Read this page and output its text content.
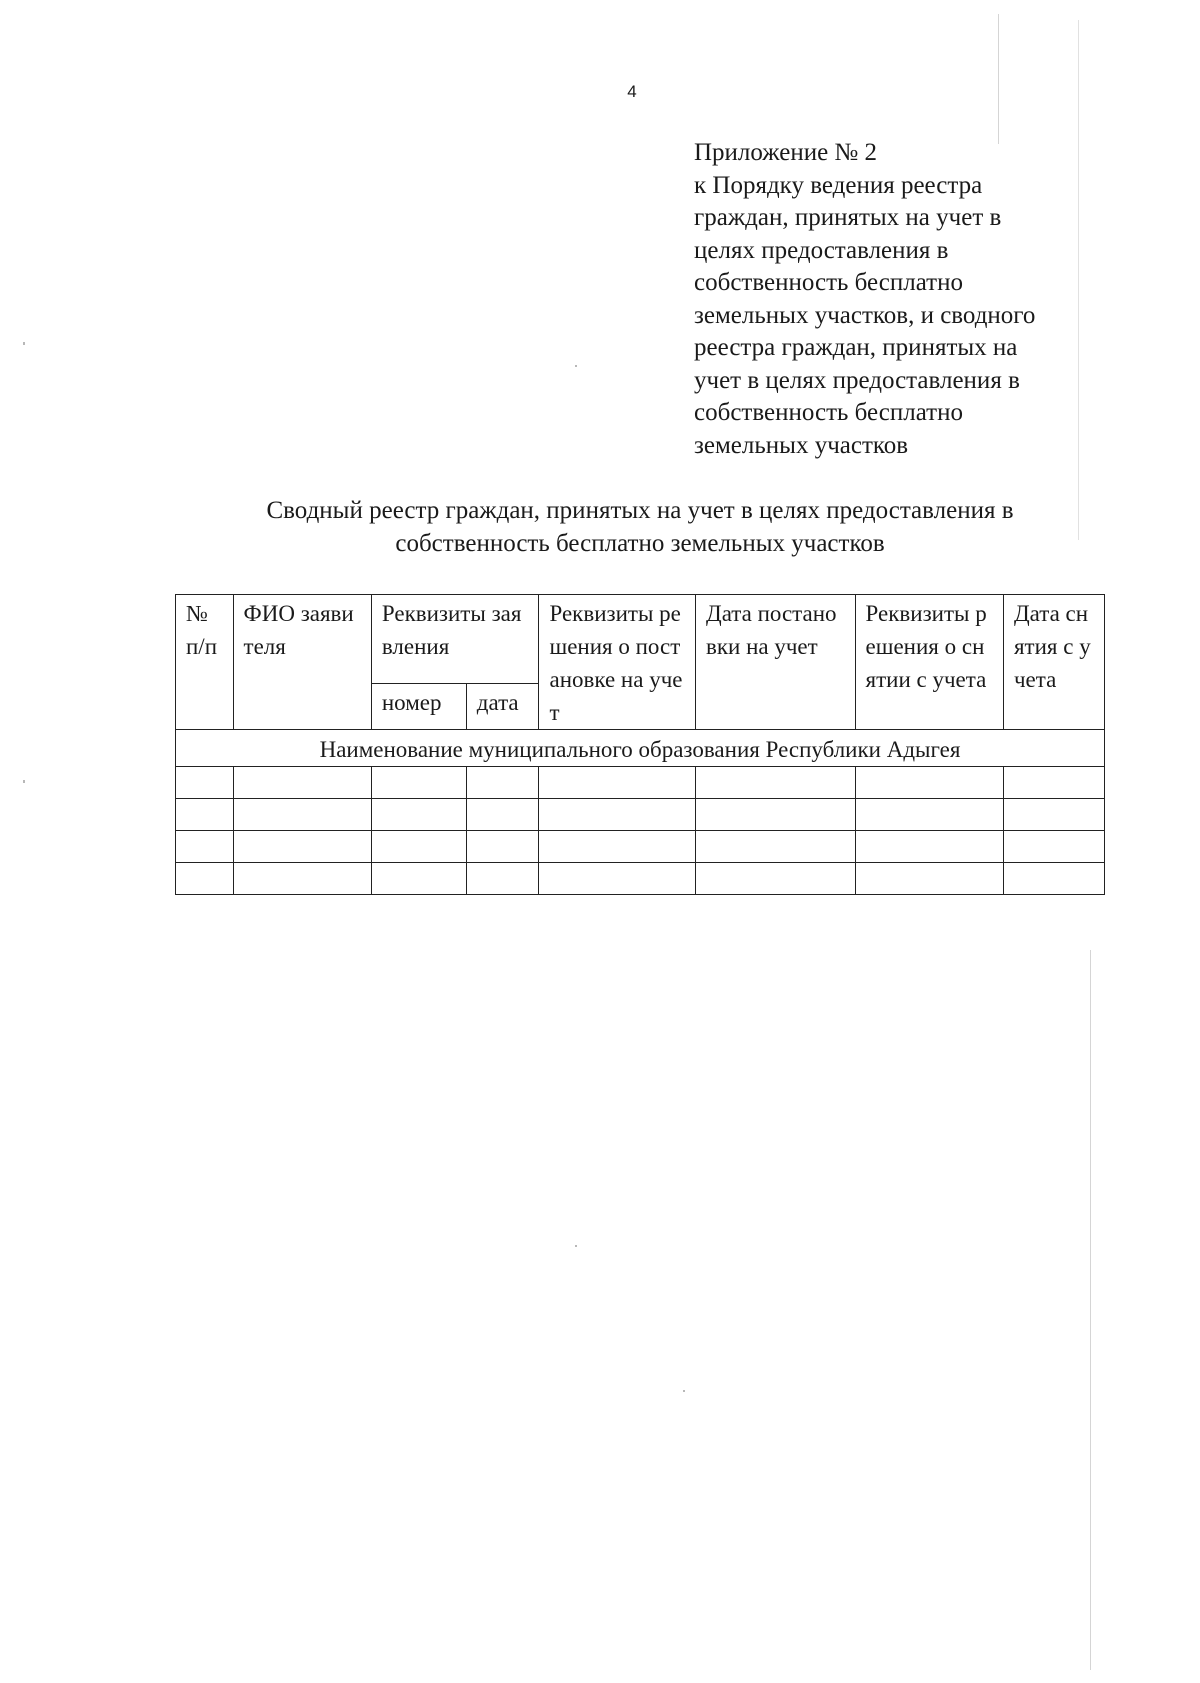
4
Приложение № 2
к Порядку ведения реестра
граждан, принятых на учет в
целях предоставления в
собственность бесплатно
земельных участков, и сводного
реестра граждан, принятых на
учет в целях предоставления в
собственность бесплатно
земельных участков
Сводный реестр граждан, принятых на учет в целях предоставления в
собственность бесплатно земельных участков
№ п/п	ФИО заявителя	Реквизиты заявления		Реквизиты решения о постановке на учет	Дата постановки на учет	Реквизиты решения о снятии с учета	Дата снятия с учета
		номер	дата				
Наименование муниципального образования Республики Адыгея							
